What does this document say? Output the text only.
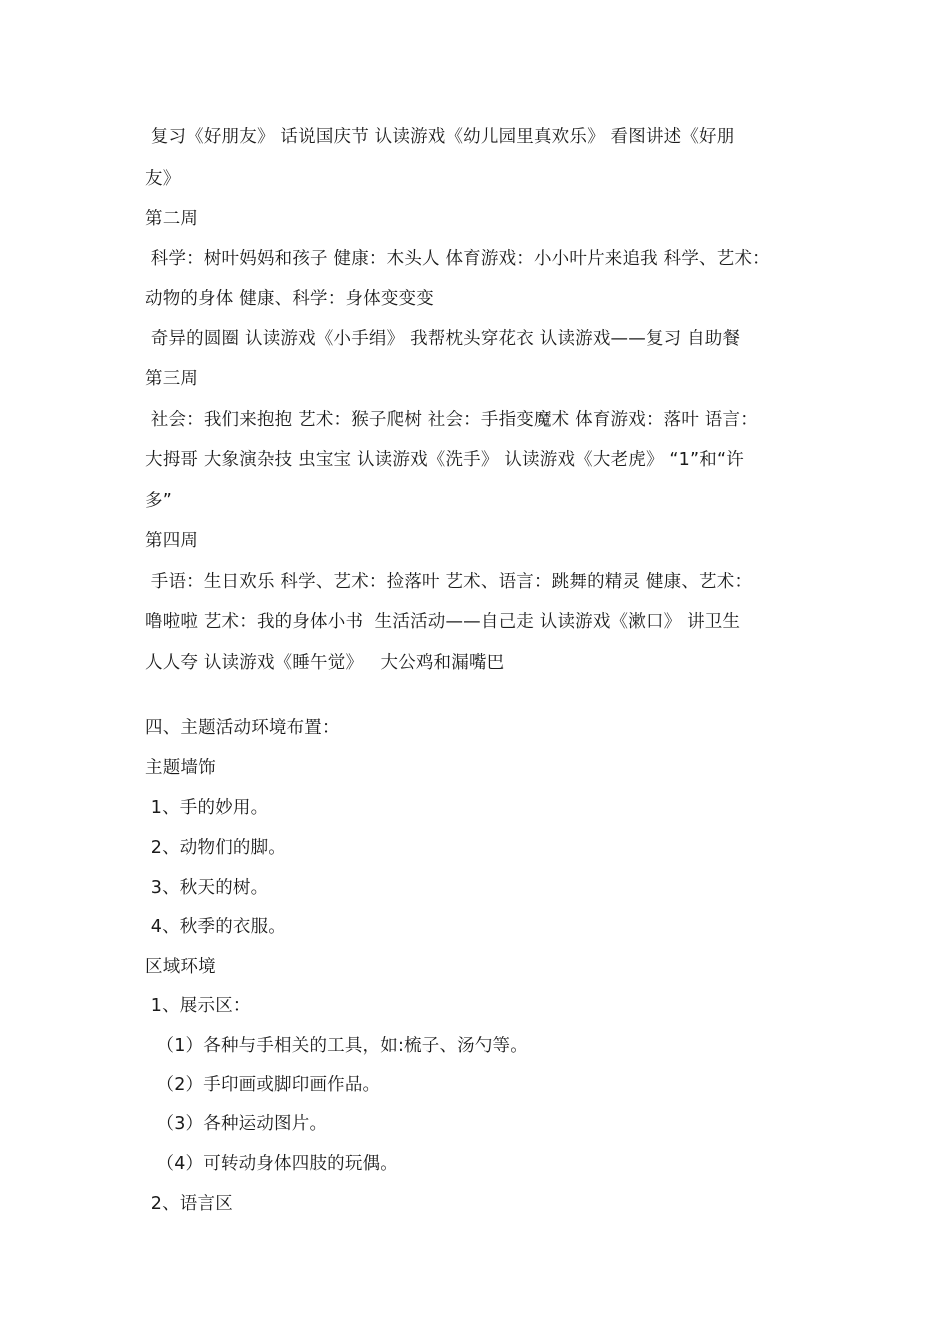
复习《好朋友》 话说国庆节 认读游戏《幼儿园里真欢乐》 看图讲述《好朋
友》
第二周
科学：树叶妈妈和孩子 健康：木头人 体育游戏：小小叶片来追我 科学、艺术：
动物的身体 健康、科学：身体变变变
奇异的圆圈 认读游戏《小手绢》 我帮枕头穿花衣 认读游戏——复习 自助餐
第三周
社会：我们来抱抱 艺术：猴子爬树 社会：手指变魔术 体育游戏：落叶 语言：
大拇哥 大象演杂技 虫宝宝 认读游戏《洗手》 认读游戏《大老虎》 “1”和“许
多”
第四周
手语：生日欢乐 科学、艺术：捡落叶 艺术、语言：跳舞的精灵 健康、艺术：
噜啦啦 艺术：我的身体小书  生活活动——自己走 认读游戏《漱口》 讲卫生
人人夸 认读游戏《睡午觉》   大公鸡和漏嘴巴
四、主题活动环境布置：
主题墙饰
1、手的妙用。
2、动物们的脚。
3、秋天的树。
4、秋季的衣服。
区域环境
1、展示区：
（1）各种与手相关的工具，如:梳子、汤勺等。
（2）手印画或脚印画作品。
（3）各种运动图片。
（4）可转动身体四肢的玩偶。
2、语言区
